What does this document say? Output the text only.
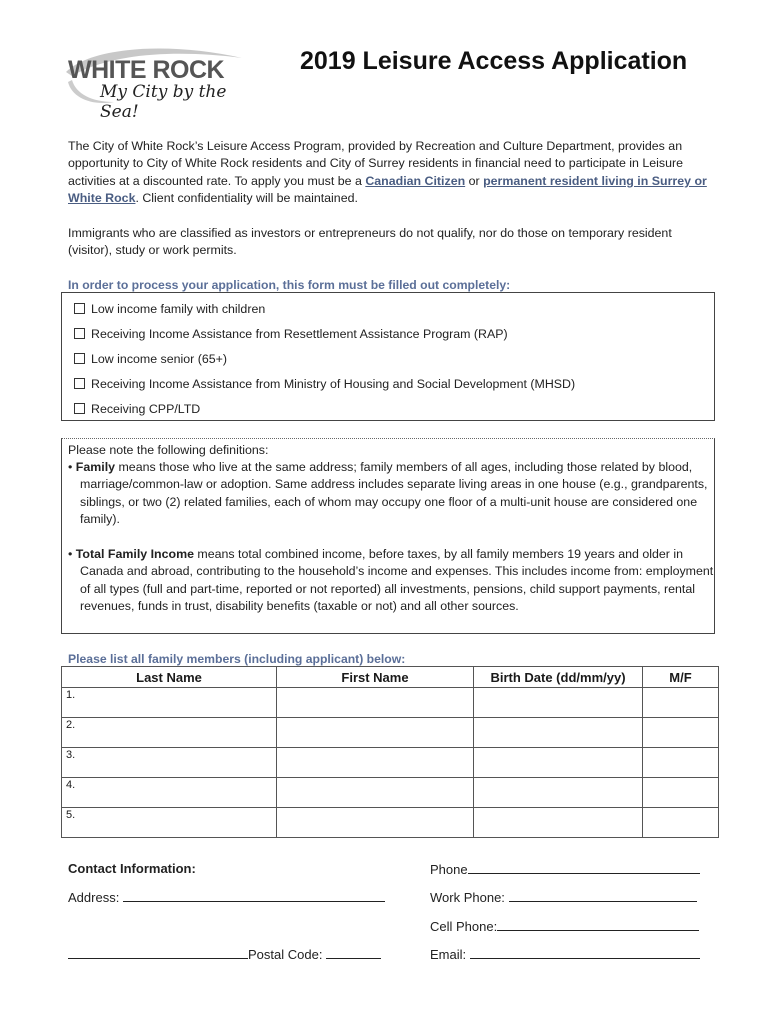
WHITE ROCK
My City by the Sea!
2019 Leisure Access Application
The City of White Rock’s Leisure Access Program, provided by Recreation and Culture Department, provides an opportunity to City of White Rock residents and City of Surrey residents in financial need to participate in Leisure activities at a discounted rate. To apply you must be a Canadian Citizen or permanent resident living in Surrey or White Rock. Client confidentiality will be maintained.
Immigrants who are classified as investors or entrepreneurs do not qualify, nor do those on temporary resident (visitor), study or work permits.
In order to process your application, this form must be filled out completely:
Low income family with children
Receiving Income Assistance from Resettlement Assistance Program (RAP)
Low income senior (65+)
Receiving Income Assistance from Ministry of Housing and Social Development (MHSD)
Receiving CPP/LTD
Please note the following definitions:
• Family means those who live at the same address; family members of all ages, including those related by blood, marriage/common-law or adoption. Same address includes separate living areas in one house (e.g., grandparents, siblings, or two (2) related families, each of whom may occupy one floor of a multi-unit house are considered one family).
• Total Family Income means total combined income, before taxes, by all family members 19 years and older in Canada and abroad, contributing to the household’s income and expenses. This includes income from: employment of all types (full and part-time, reported or not reported) all investments, pensions, child support payments, rental revenues, funds in trust, disability benefits (taxable or not) and all other sources.
Please list all family members (including applicant) below:
Last Name	First Name	Birth Date (dd/mm/yy)	M/F
1.			
2.			
3.			
4.			
5.			
Contact Information:
Address:
Postal Code:
Phone
Work Phone:
Cell Phone:
Email:
